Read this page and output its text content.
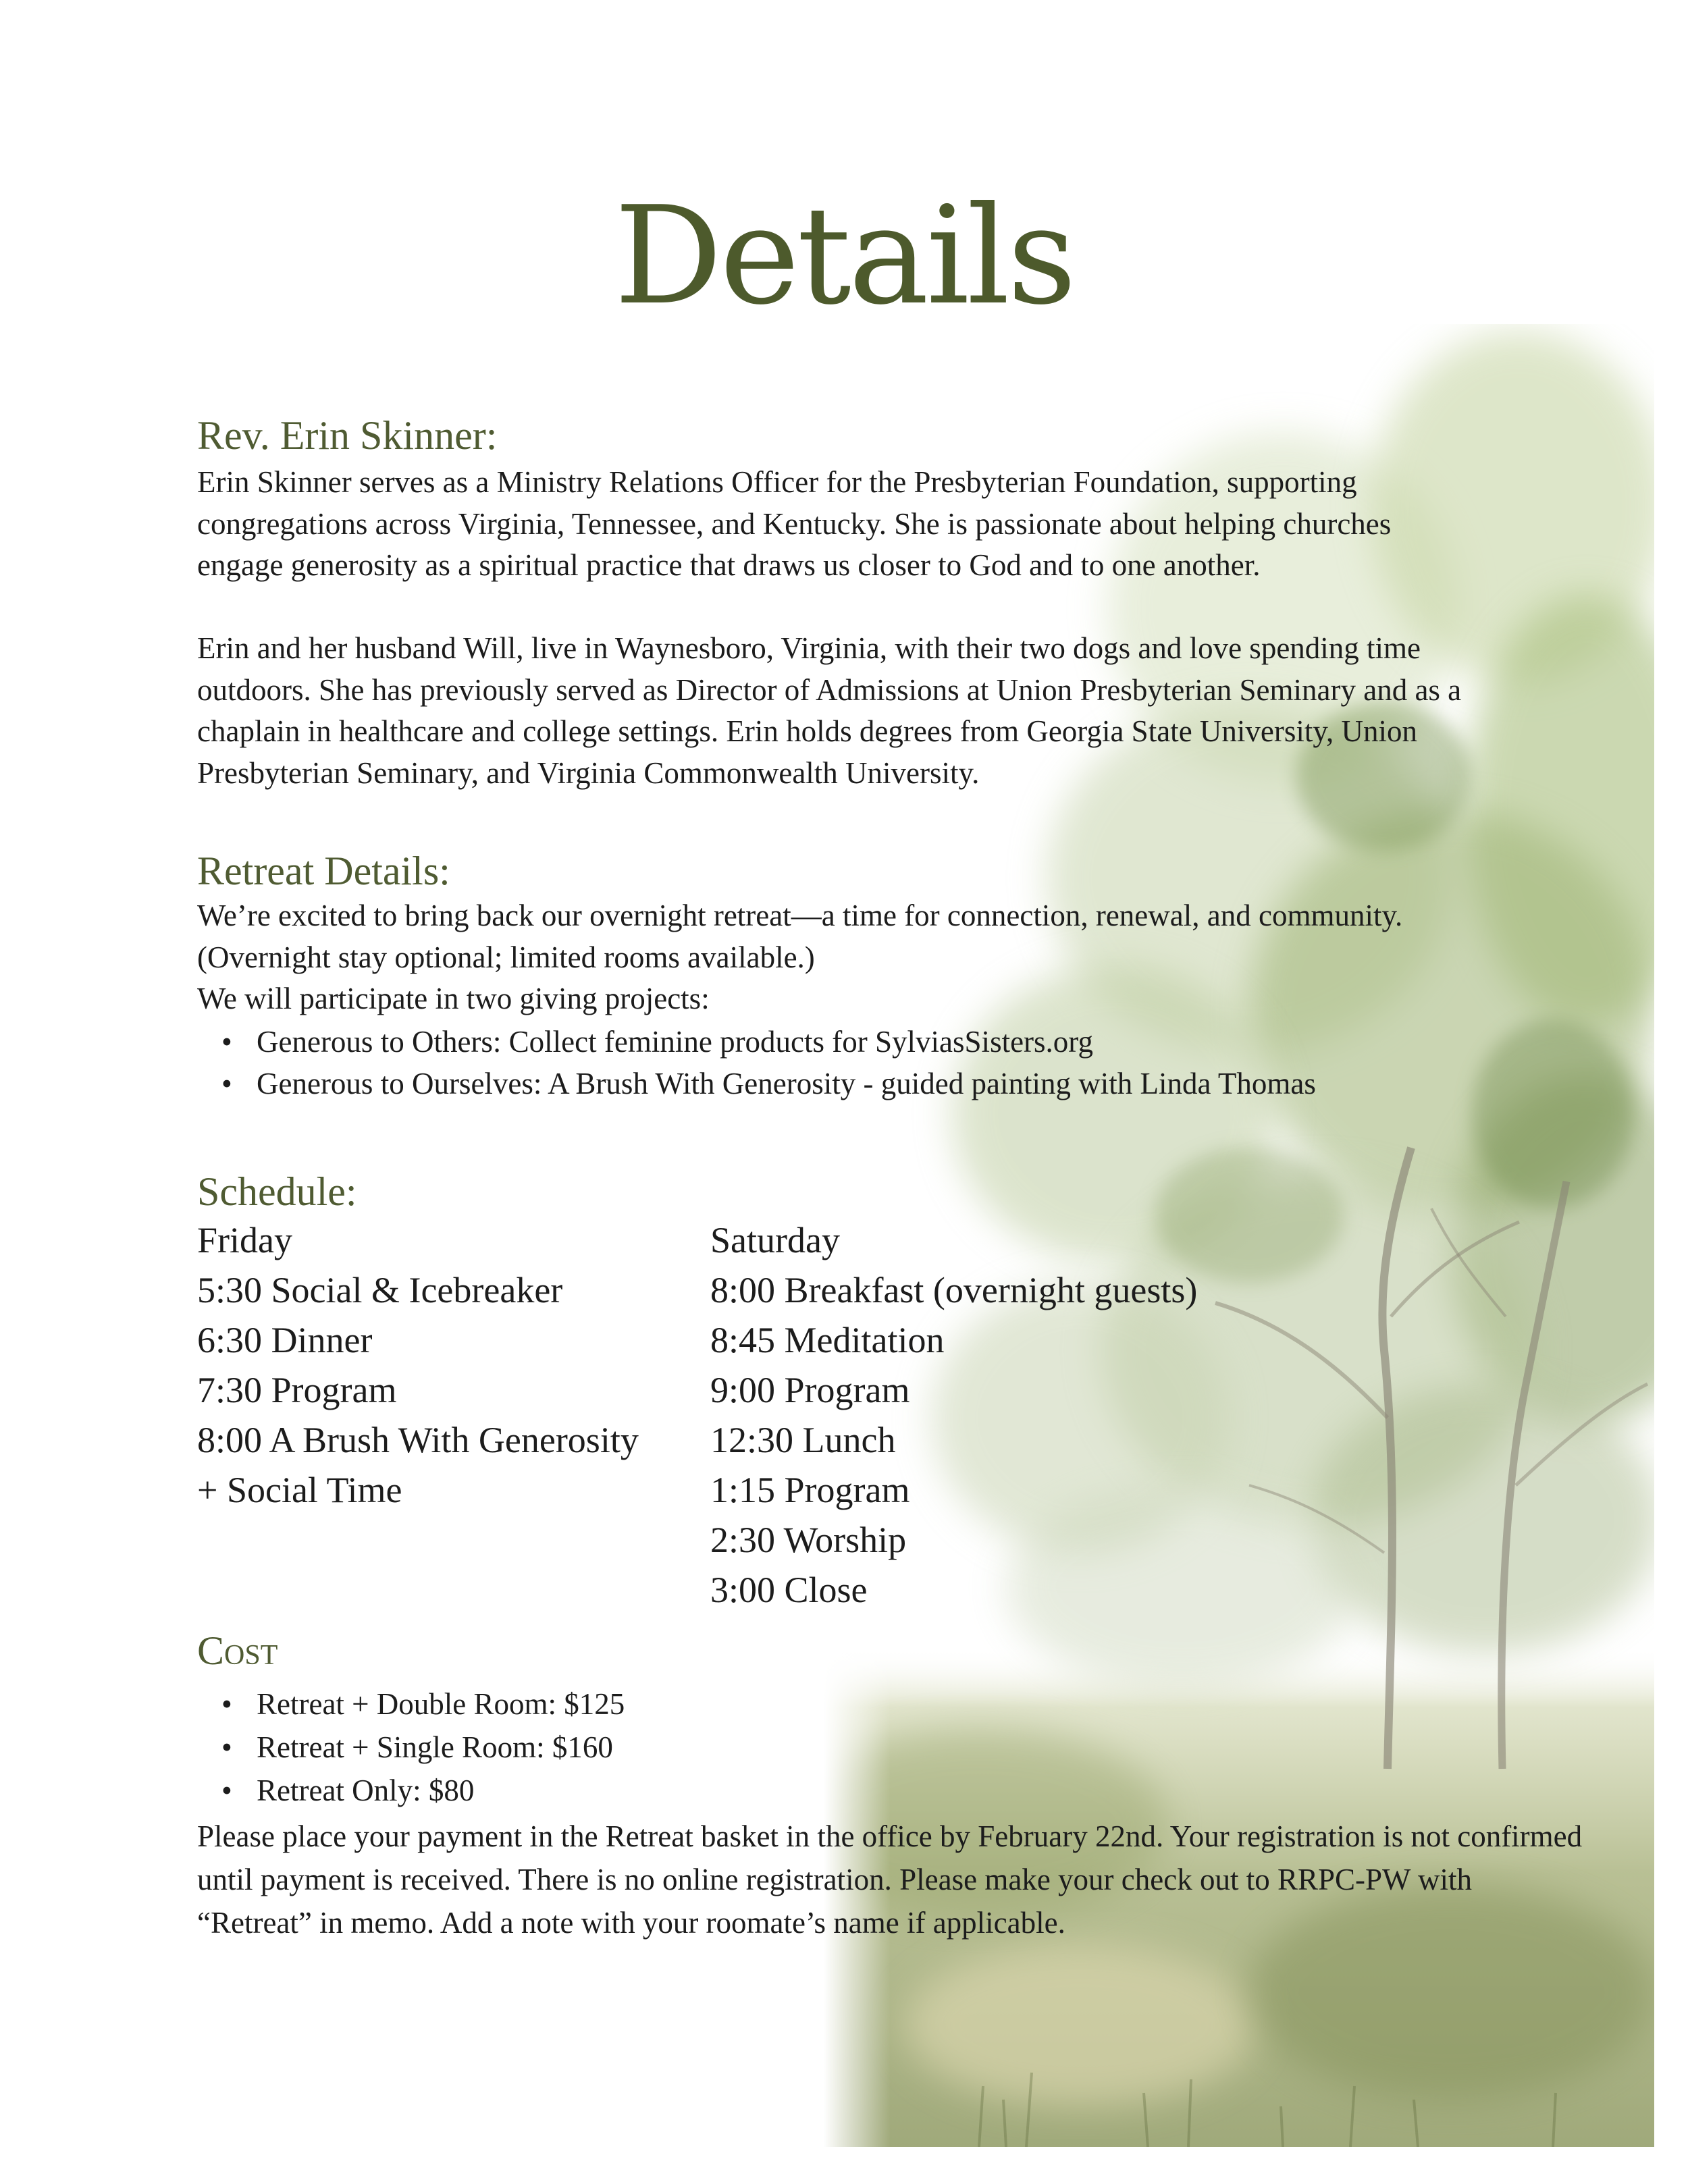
Details
Rev. Erin Skinner:

Erin Skinner serves as a Ministry Relations Officer for the Presbyterian Foundation, supporting
congregations across Virginia, Tennessee, and Kentucky. She is passionate about helping churches
engage generosity as a spiritual practice that draws us closer to God and to one another.

Erin and her husband Will, live in Waynesboro, Virginia, with their two dogs and love spending time
outdoors. She has previously served as Director of Admissions at Union Presbyterian Seminary and as a
chaplain in healthcare and college settings. Erin holds degrees from Georgia State University, Union
Presbyterian Seminary, and Virginia Commonwealth University.

Retreat Details:

We’re excited to bring back our overnight retreat—a time for connection, renewal, and community.
(Overnight stay optional; limited rooms available.)
We will participate in two giving projects:

• Generous to Others: Collect feminine products for SylviasSisters.org
• Generous to Ourselves: A Brush With Generosity - guided painting with Linda Thomas
Schedule:
Friday
5:30 Social & Icebreaker
6:30 Dinner
7:30 Program
8:00 A Brush With Generosity
+ Social Time
Saturday
8:00 Breakfast (overnight guests)
8:45 Meditation
9:00 Program
12:30 Lunch
1:15 Program
2:30 Worship
3:00 Close
Cost
• Retreat + Double Room: $125
• Retreat + Single Room: $160
• Retreat Only: $80

Please place your payment in the Retreat basket in the office by February 22nd. Your registration is not confirmed
until payment is received. There is no online registration. Please make your check out to RRPC-PW with
“Retreat” in memo. Add a note with your roomate’s name if applicable.
